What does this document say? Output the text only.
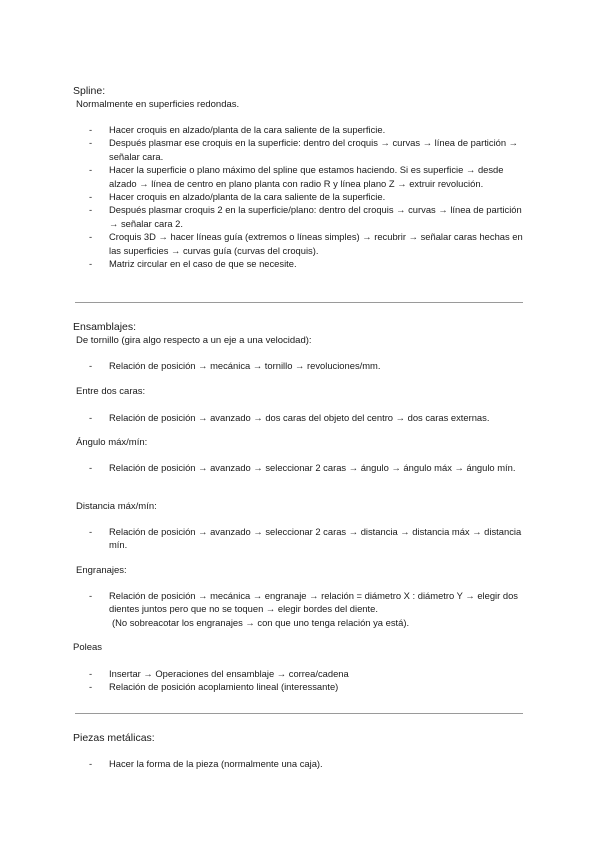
Spline:
Normalmente en superficies redondas.
- Hacer croquis en alzado/planta de la cara saliente de la superficie.
- Después plasmar ese croquis en la superficie: dentro del croquis → curvas → línea de partición → señalar cara.
- Hacer la superficie o plano máximo del spline que estamos haciendo. Si es superficie → desde alzado → línea de centro en plano planta con radio R y línea plano Z → extruir revolución.
- Hacer croquis en alzado/planta de la cara saliente de la superficie.
- Después plasmar croquis 2 en la superficie/plano: dentro del croquis → curvas → línea de partición → señalar cara 2.
- Croquis 3D → hacer líneas guía (extremos o líneas simples) → recubrir → señalar caras hechas en las superficies → curvas guía (curvas del croquis).
- Matriz circular en el caso de que se necesite.
Ensamblajes:
De tornillo (gira algo respecto a un eje a una velocidad):
- Relación de posición → mecánica → tornillo → revoluciones/mm.
Entre dos caras:
- Relación de posición → avanzado → dos caras del objeto del centro → dos caras externas.
Ángulo máx/mín:
- Relación de posición → avanzado → seleccionar 2 caras → ángulo → ángulo máx → ángulo mín.
Distancia máx/mín:
- Relación de posición → avanzado → seleccionar 2 caras → distancia → distancia máx → distancia mín.
Engranajes:
- Relación de posición → mecánica → engranaje → relación = diámetro X : diámetro Y → elegir dos dientes juntos pero que no se toquen → elegir bordes del diente.
(No sobreacotar los engranajes → con que uno tenga relación ya está).
Poleas
- Insertar → Operaciones del ensamblaje → correa/cadena
- Relación de posición acoplamiento lineal (interessante)
Piezas metálicas:
- Hacer la forma de la pieza (normalmente una caja).
